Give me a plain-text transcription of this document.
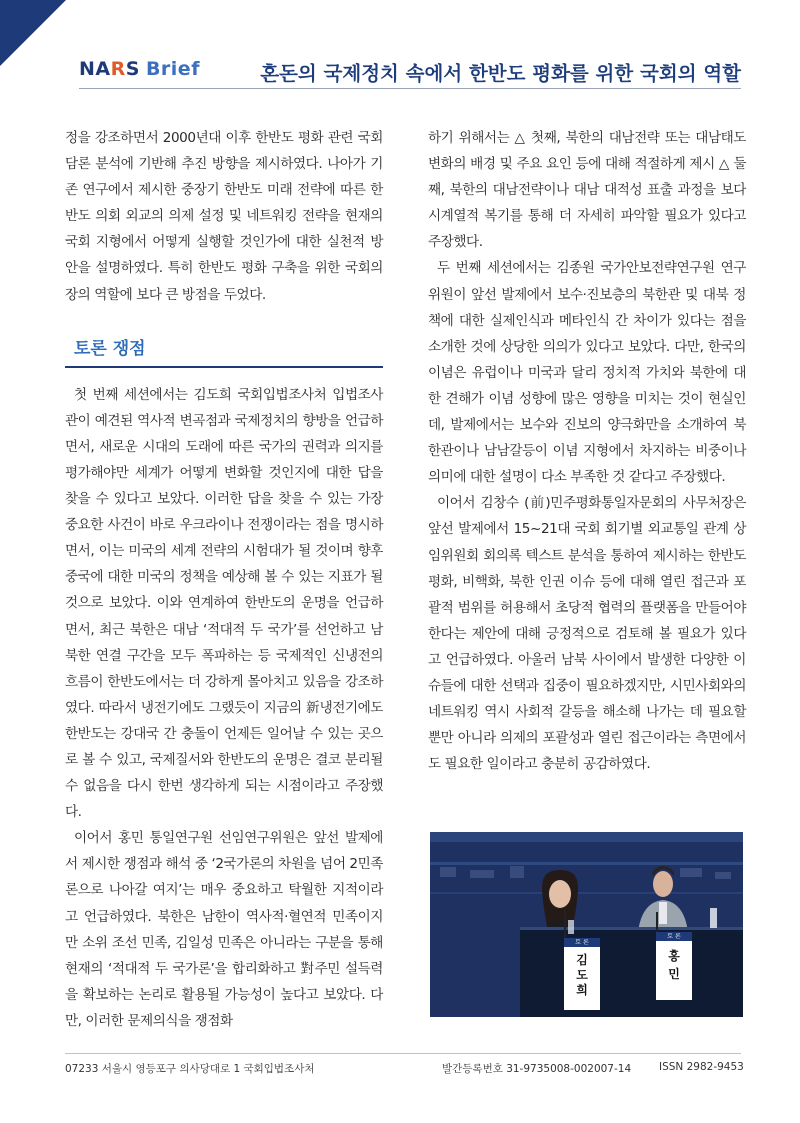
NARS Brief	혼돈의 국제정치 속에서 한반도 평화를 위한 국회의 역할

정을 강조하면서 2000년대 이후 한반도 평화 관련 국회 담론 분석에 기반해 추진 방향을 제시하였다. 나아가 기존 연구에서 제시한 중장기 한반도 미래 전략에 따른 한반도 의회 외교의 의제 설정 및 네트워킹 전략을 현재의 국회 지형에서 어떻게 실행할 것인가에 대한 실천적 방안을 설명하였다. 특히 한반도 평화 구축을 위한 국회의장의 역할에 보다 큰 방점을 두었다.

토론 쟁점

첫 번째 세션에서는 김도희 국회입법조사처 입법조사관이 예견된 역사적 변곡점과 국제정치의 향방을 언급하면서, 새로운 시대의 도래에 따른 국가의 권력과 의지를 평가해야만 세계가 어떻게 변화할 것인지에 대한 답을 찾을 수 있다고 보았다. 이러한 답을 찾을 수 있는 가장 중요한 사건이 바로 우크라이나 전쟁이라는 점을 명시하면서, 이는 미국의 세계 전략의 시험대가 될 것이며 향후 중국에 대한 미국의 정책을 예상해 볼 수 있는 지표가 될 것으로 보았다. 이와 연계하여 한반도의 운명을 언급하면서, 최근 북한은 대남 ‘적대적 두 국가’를 선언하고 남북한 연결 구간을 모두 폭파하는 등 국제적인 신냉전의 흐름이 한반도에서는 더 강하게 몰아치고 있음을 강조하였다. 따라서 냉전기에도 그랬듯이 지금의 新냉전기에도 한반도는 강대국 간 충돌이 언제든 일어날 수 있는 곳으로 볼 수 있고, 국제질서와 한반도의 운명은 결코 분리될 수 없음을 다시 한번 생각하게 되는 시점이라고 주장했다.

이어서 홍민 통일연구원 선임연구위원은 앞선 발제에서 제시한 쟁점과 해석 중 ‘2국가론의 차원을 넘어 2민족론으로 나아갈 여지’는 매우 중요하고 탁월한 지적이라고 언급하였다. 북한은 남한이 역사적·혈연적 민족이지만 소위 조선 민족, 김일성 민족은 아니라는 구분을 통해 현재의 ‘적대적 두 국가론’을 합리화하고 對주민 설득력을 확보하는 논리로 활용될 가능성이 높다고 보았다. 다만, 이러한 문제의식을 쟁점화

하기 위해서는 △ 첫째, 북한의 대남전략 또는 대남태도 변화의 배경 및 주요 요인 등에 대해 적절하게 제시 △ 둘째, 북한의 대남전략이나 대남 대적성 표출 과정을 보다 시계열적 복기를 통해 더 자세히 파악할 필요가 있다고 주장했다.

두 번째 세션에서는 김종원 국가안보전략연구원 연구위원이 앞선 발제에서 보수·진보층의 북한관 및 대북 정책에 대한 실제인식과 메타인식 간 차이가 있다는 점을 소개한 것에 상당한 의의가 있다고 보았다. 다만, 한국의 이념은 유럽이나 미국과 달리 정치적 가치와 북한에 대한 견해가 이념 성향에 많은 영향을 미치는 것이 현실인데, 발제에서는 보수와 진보의 양극화만을 소개하여 북한관이나 남남갈등이 이념 지형에서 차지하는 비중이나 의미에 대한 설명이 다소 부족한 것 같다고 주장했다.

이어서 김창수 (前)민주평화통일자문회의 사무처장은 앞선 발제에서 15~21대 국회 회기별 외교통일 관계 상임위원회 회의록 텍스트 분석을 통하여 제시하는 한반도 평화, 비핵화, 북한 인권 이슈 등에 대해 열린 접근과 포괄적 범위를 허용해서 초당적 협력의 플랫폼을 만들어야 한다는 제안에 대해 긍정적으로 검토해 볼 필요가 있다고 언급하였다. 아울러 남북 사이에서 발생한 다양한 이슈들에 대한 선택과 집중이 필요하겠지만, 시민사회와의 네트워킹 역시 사회적 갈등을 해소해 나가는 데 필요할 뿐만 아니라 의제의 포괄성과 열린 접근이라는 측면에서도 필요한 일이라고 충분히 공감하였다.

토 론
김
도
희
토 론
홍
민
07233 서울시 영등포구 의사당대로 1 국회입법조사처	발간등록번호 31-9735008-002007-14	ISSN 2982-9453
